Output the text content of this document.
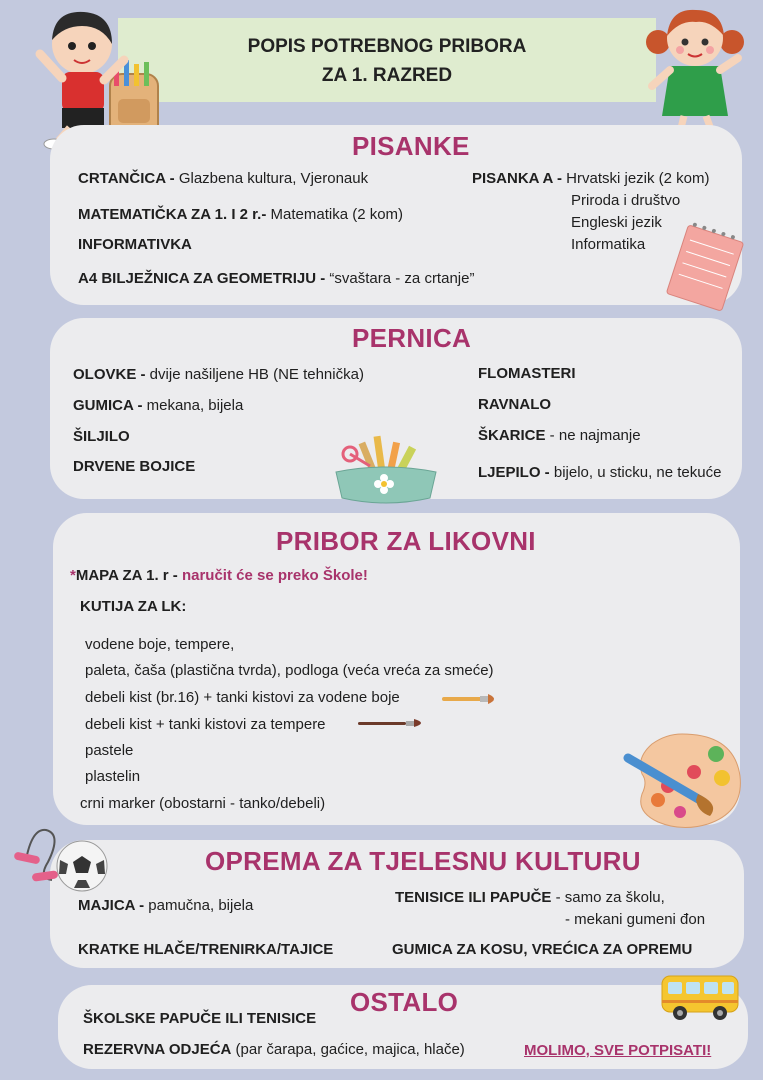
POPIS POTREBNOG PRIBORA
ZA 1. RAZRED
PISANKE
CRTANČICA - Glazbena kultura, Vjeronauk
MATEMATIČKA ZA 1. I 2 r.- Matematika (2 kom)
INFORMATIVKA
A4 BILJEŽNICA ZA GEOMETRIJU - “svaštara - za crtanje”
PISANKA A - Hrvatski jezik (2 kom)
Priroda i društvo
Engleski jezik
Informatika
PERNICA
OLOVKE - dvije našiljene HB (NE tehnička)
GUMICA - mekana, bijela
ŠILJILO
DRVENE BOJICE
FLOMASTERI
RAVNALO
ŠKARICE - ne najmanje
LJEPILO - bijelo, u sticku, ne tekuće
PRIBOR ZA LIKOVNI
*MAPA ZA 1. r - naručit će se preko Škole!
KUTIJA ZA LK:
vodene boje, tempere,
paleta, čaša (plastična tvrda), podloga (veća vreća za smeće)
debeli kist (br.16) + tanki kistovi za vodene boje
debeli kist + tanki kistovi za tempere
pastele
plastelin
crni marker (obostarni - tanko/debeli)
OPREMA ZA TJELESNU KULTURU
MAJICA - pamučna, bijela
KRATKE HLAČE/TRENIRKA/TAJICE
TENISICE ILI PAPUČE - samo za školu,
- mekani gumeni đon
GUMICA ZA KOSU, VREĆICA ZA OPREMU
OSTALO
ŠKOLSKE PAPUČE ILI TENISICE
REZERVNA ODJEĆA (par čarapa, gaćice, majica, hlače)	MOLIMO, SVE POTPISATI!
